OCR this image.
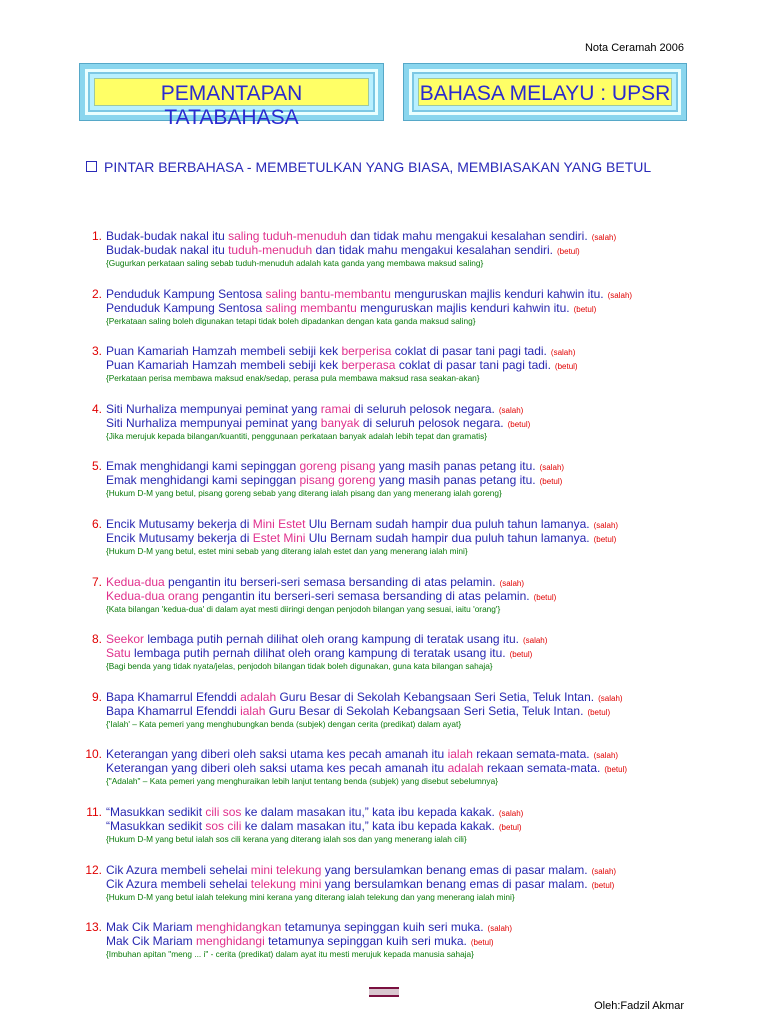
Nota Ceramah 2006
PEMANTAPAN TATABAHASA
BAHASA MELAYU : UPSR
PINTAR BERBAHASA - MEMBETULKAN YANG BIASA, MEMBIASAKAN YANG BETUL
1. Budak-budak nakal itu saling tuduh-menuduh dan tidak mahu mengakui kesalahan sendiri. (salah)
Budak-budak nakal itu tuduh-menuduh dan tidak mahu mengakui kesalahan sendiri. (betul)
{Gugurkan perkataan saling sebab tuduh-menuduh adalah kata ganda yang membawa maksud saling}
2. Penduduk Kampung Sentosa saling bantu-membantu menguruskan majlis kenduri kahwin itu. (salah)
Penduduk Kampung Sentosa saling membantu menguruskan majlis kenduri kahwin itu. (betul)
{Perkataan saling boleh digunakan tetapi tidak boleh dipadankan dengan kata ganda maksud saling}
3. Puan Kamariah Hamzah membeli sebiji kek berperisa coklat di pasar tani pagi tadi. (salah)
Puan Kamariah Hamzah membeli sebiji kek berperasa coklat di pasar tani pagi tadi. (betul)
{Perkataan perisa membawa maksud enak/sedap, perasa pula membawa maksud rasa seakan-akan}
4. Siti Nurhaliza mempunyai peminat yang ramai di seluruh pelosok negara. (salah)
Siti Nurhaliza mempunyai peminat yang banyak di seluruh pelosok negara. (betul)
{Jika merujuk kepada bilangan/kuantiti, penggunaan perkataan banyak adalah lebih tepat dan gramatis}
5. Emak menghidangi kami sepinggan goreng pisang yang masih panas petang itu. (salah)
Emak menghidangi kami sepinggan pisang goreng yang masih panas petang itu. (betul)
{Hukum D-M yang betul, pisang goreng sebab yang diterang ialah pisang dan yang menerang ialah goreng}
6. Encik Mutusamy bekerja di Mini Estet Ulu Bernam sudah hampir dua puluh tahun lamanya. (salah)
Encik Mutusamy bekerja di Estet Mini Ulu Bernam sudah hampir dua puluh tahun lamanya. (betul)
{Hukum D-M yang betul, estet mini sebab yang diterang ialah estet dan yang menerang ialah mini}
7. Kedua-dua pengantin itu berseri-seri semasa bersanding di atas pelamin. (salah)
Kedua-dua orang pengantin itu berseri-seri semasa bersanding di atas pelamin. (betul)
{Kata bilangan 'kedua-dua' di dalam ayat mesti diiringi dengan penjodoh bilangan yang sesuai, iaitu 'orang'}
8. Seekor lembaga putih pernah dilihat oleh orang kampung di teratak usang itu. (salah)
Satu lembaga putih pernah dilihat oleh orang kampung di teratak usang itu. (betul)
{Bagi benda yang tidak nyata/jelas, penjodoh bilangan tidak boleh digunakan, guna kata bilangan sahaja}
9. Bapa Khamarrul Efenddi adalah Guru Besar di Sekolah Kebangsaan Seri Setia, Teluk Intan. (salah)
Bapa Khamarrul Efenddi ialah Guru Besar di Sekolah Kebangsaan Seri Setia, Teluk Intan. (betul)
{'Ialah' – Kata pemeri yang menghubungkan benda (subjek) dengan cerita (predikat) dalam ayat}
10. Keterangan yang diberi oleh saksi utama kes pecah amanah itu ialah rekaan semata-mata. (salah)
Keterangan yang diberi oleh saksi utama kes pecah amanah itu adalah rekaan semata-mata. (betul)
{"Adalah" – Kata pemeri yang menghuraikan lebih lanjut tentang benda (subjek) yang disebut sebelumnya}
11. “Masukkan sedikit cili sos ke dalam masakan itu,” kata ibu kepada kakak. (salah)
“Masukkan sedikit sos cili ke dalam masakan itu,” kata ibu kepada kakak. (betul)
{Hukum D-M yang betul ialah sos cili kerana yang diterang ialah sos dan yang menerang ialah cili}
12. Cik Azura membeli sehelai mini telekung yang bersulamkan benang emas di pasar malam. (salah)
Cik Azura membeli sehelai telekung mini yang bersulamkan benang emas di pasar malam. (betul)
{Hukum D-M yang betul ialah telekung mini kerana yang diterang ialah telekung dan yang menerang ialah mini}
13. Mak Cik Mariam menghidangkan tetamunya sepinggan kuih seri muka. (salah)
Mak Cik Mariam menghidangi tetamunya sepinggan kuih seri muka. (betul)
{Imbuhan apitan "meng ... i" - cerita (predikat) dalam ayat itu mesti merujuk kepada manusia sahaja}
Oleh:Fadzil Akmar
